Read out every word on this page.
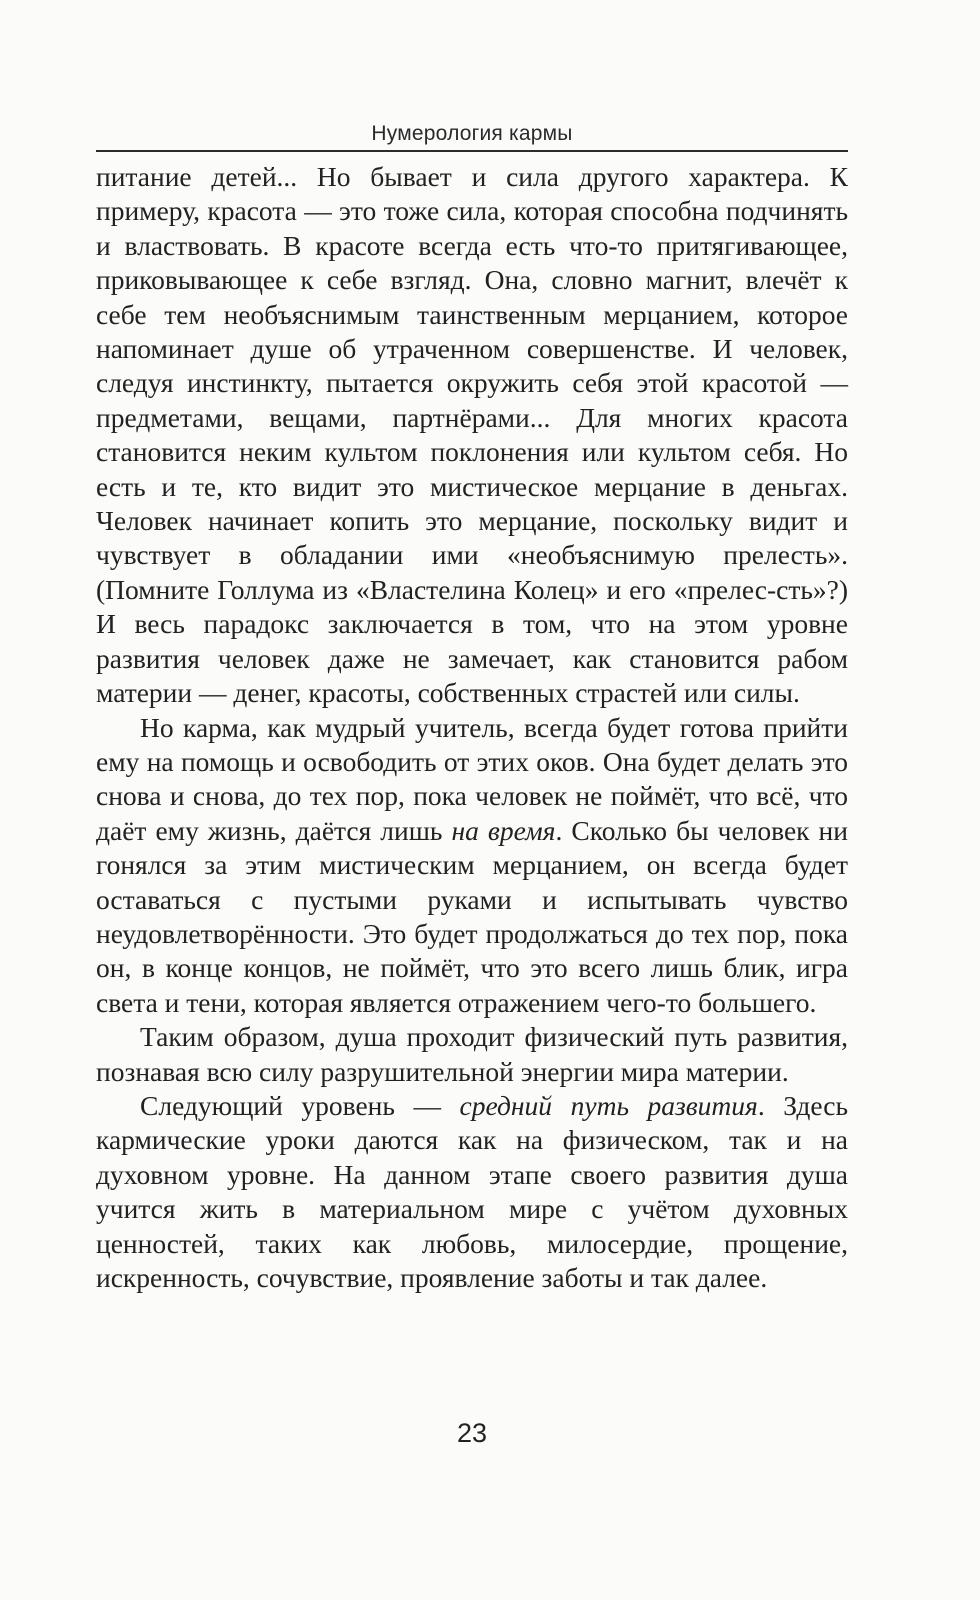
Нумерология кармы

питание детей... Но бывает и сила другого характера. К примеру, красота — это тоже сила, которая способна подчинять и властвовать. В красоте всегда есть что-то притягивающее, приковывающее к себе взгляд. Она, словно магнит, влечёт к себе тем необъяснимым таинственным мерцанием, которое напоминает душе об утраченном совершенстве. И человек, следуя инстинкту, пытается окружить себя этой красотой — предметами, вещами, партнёрами... Для многих красота становится неким культом поклонения или культом себя. Но есть и те, кто видит это мистическое мерцание в деньгах. Человек начинает копить это мерцание, поскольку видит и чувствует в обладании ими «необъяснимую прелесть». (Помните Голлума из «Властелина Колец» и его «прелес-сть»?) И весь парадокс заключается в том, что на этом уровне развития человек даже не замечает, как становится рабом материи — денег, красоты, собственных страстей или силы.

Но карма, как мудрый учитель, всегда будет готова прийти ему на помощь и освободить от этих оков. Она будет делать это снова и снова, до тех пор, пока человек не поймёт, что всё, что даёт ему жизнь, даётся лишь на время. Сколько бы человек ни гонялся за этим мистическим мерцанием, он всегда будет оставаться с пустыми руками и испытывать чувство неудовлетворённости. Это будет продолжаться до тех пор, пока он, в конце концов, не поймёт, что это всего лишь блик, игра света и тени, которая является отражением чего-то большего.

Таким образом, душа проходит физический путь развития, познавая всю силу разрушительной энергии мира материи.

Следующий уровень — средний путь развития. Здесь кармические уроки даются как на физическом, так и на духовном уровне. На данном этапе своего развития душа учится жить в материальном мире с учётом духовных ценностей, таких как любовь, милосердие, прощение, искренность, сочувствие, проявление заботы и так далее.

23
